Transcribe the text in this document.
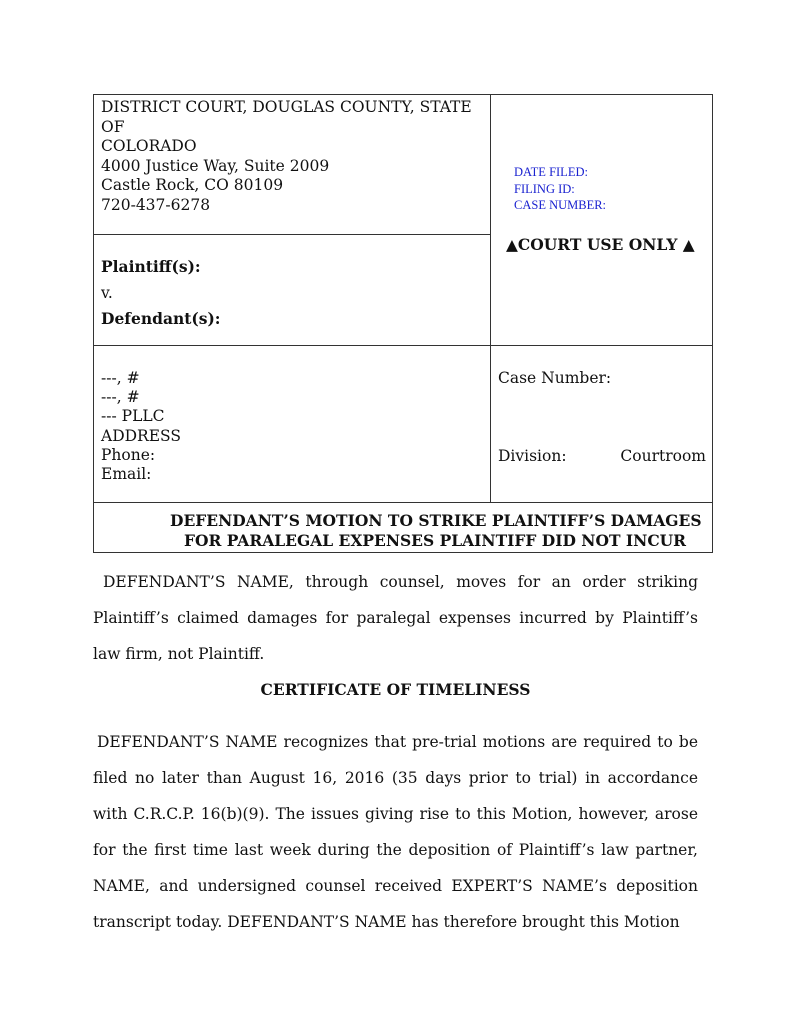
DISTRICT COURT, DOUGLAS COUNTY, STATE
OF
COLORADO
4000 Justice Way, Suite 2009
Castle Rock, CO 80109
720-437-6278
DATE FILED:
FILING ID:
CASE NUMBER:
▲COURT USE ONLY ▲
Plaintiff(s):
v.
Defendant(s):
---, #
---, #
--- PLLC
ADDRESS
Phone:
Email:
Case Number:
Division:	Courtroom
DEFENDANT’S MOTION TO STRIKE PLAINTIFF’S DAMAGES
FOR PARALEGAL EXPENSES PLAINTIFF DID NOT INCUR

DEFENDANT’S NAME, through counsel, moves for an order striking Plaintiff’s claimed damages for paralegal expenses incurred by Plaintiff’s law firm, not Plaintiff.

CERTIFICATE OF TIMELINESS

DEFENDANT’S NAME recognizes that pre-trial motions are required to be filed no later than August 16, 2016 (35 days prior to trial) in accordance with C.R.C.P. 16(b)(9). The issues giving rise to this Motion, however, arose for the first time last week during the deposition of Plaintiff’s law partner, NAME, and undersigned counsel received EXPERT’S NAME’s deposition transcript today. DEFENDANT’S NAME has therefore brought this Motion
